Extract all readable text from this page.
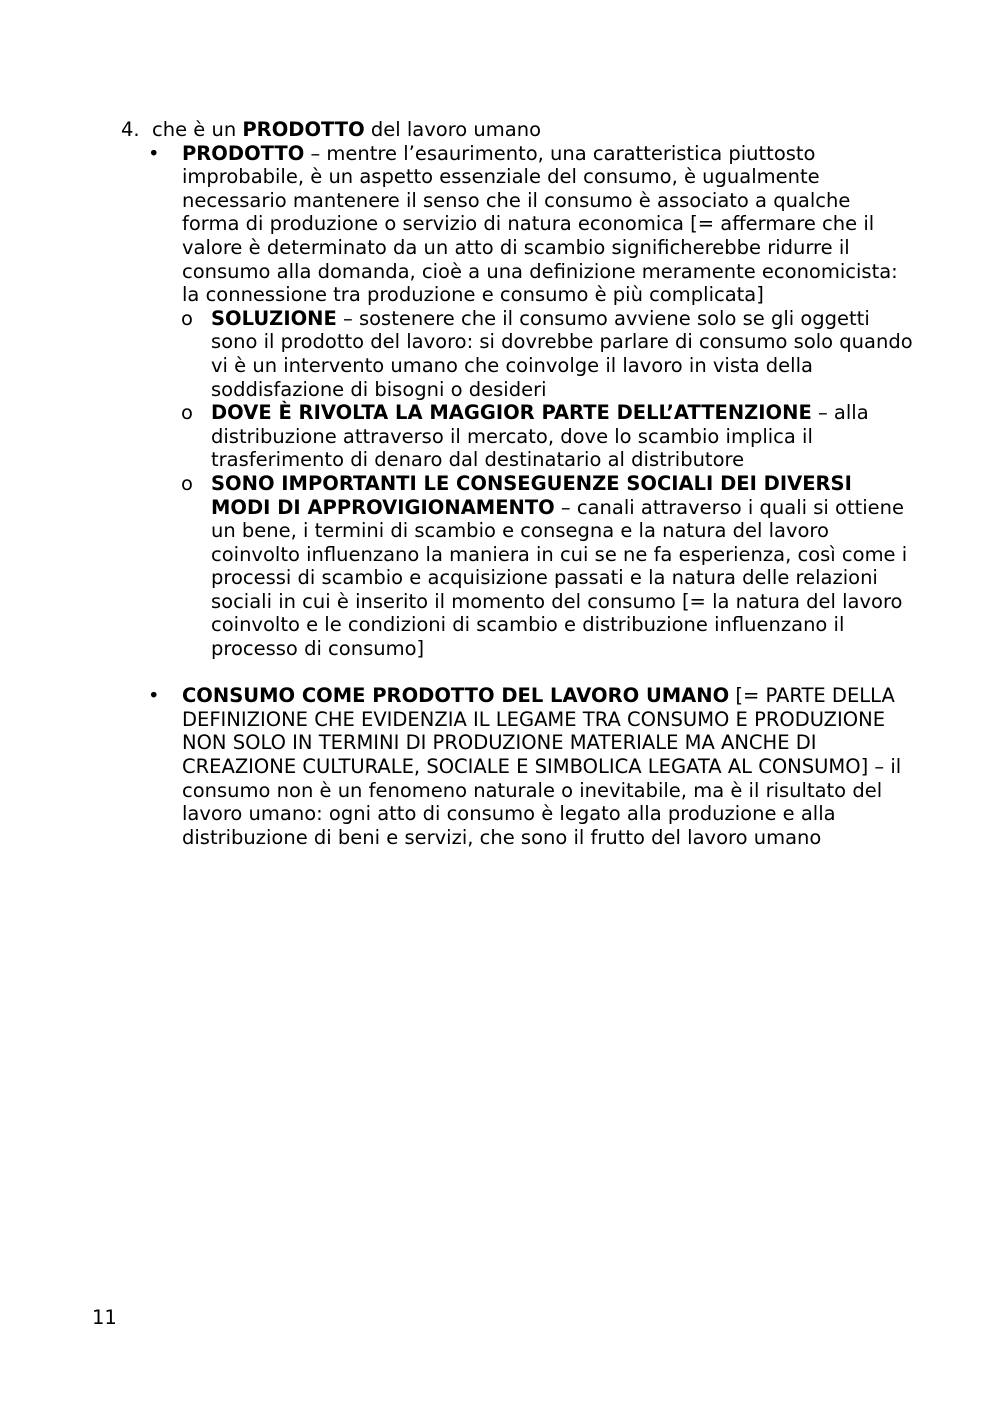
4. che è un PRODOTTO del lavoro umano
• PRODOTTO – mentre l’esaurimento, una caratteristica piuttosto improbabile, è un aspetto essenziale del consumo, è ugualmente necessario mantenere il senso che il consumo è associato a qualche forma di produzione o servizio di natura economica [= affermare che il valore è determinato da un atto di scambio significherebbe ridurre il consumo alla domanda, cioè a una definizione meramente economicista: la connessione tra produzione e consumo è più complicata]
o SOLUZIONE – sostenere che il consumo avviene solo se gli oggetti sono il prodotto del lavoro: si dovrebbe parlare di consumo solo quando vi è un intervento umano che coinvolge il lavoro in vista della soddisfazione di bisogni o desideri
o DOVE È RIVOLTA LA MAGGIOR PARTE DELL’ATTENZIONE – alla distribuzione attraverso il mercato, dove lo scambio implica il trasferimento di denaro dal destinatario al distributore
o SONO IMPORTANTI LE CONSEGUENZE SOCIALI DEI DIVERSI MODI DI APPROVIGIONAMENTO – canali attraverso i quali si ottiene un bene, i termini di scambio e consegna e la natura del lavoro coinvolto influenzano la maniera in cui se ne fa esperienza, così come i processi di scambio e acquisizione passati e la natura delle relazioni sociali in cui è inserito il momento del consumo [= la natura del lavoro coinvolto e le condizioni di scambio e distribuzione influenzano il processo di consumo]
• CONSUMO COME PRODOTTO DEL LAVORO UMANO [= PARTE DELLA DEFINIZIONE CHE EVIDENZIA IL LEGAME TRA CONSUMO E PRODUZIONE NON SOLO IN TERMINI DI PRODUZIONE MATERIALE MA ANCHE DI CREAZIONE CULTURALE, SOCIALE E SIMBOLICA LEGATA AL CONSUMO] – il consumo non è un fenomeno naturale o inevitabile, ma è il risultato del lavoro umano: ogni atto di consumo è legato alla produzione e alla distribuzione di beni e servizi, che sono il frutto del lavoro umano
11
